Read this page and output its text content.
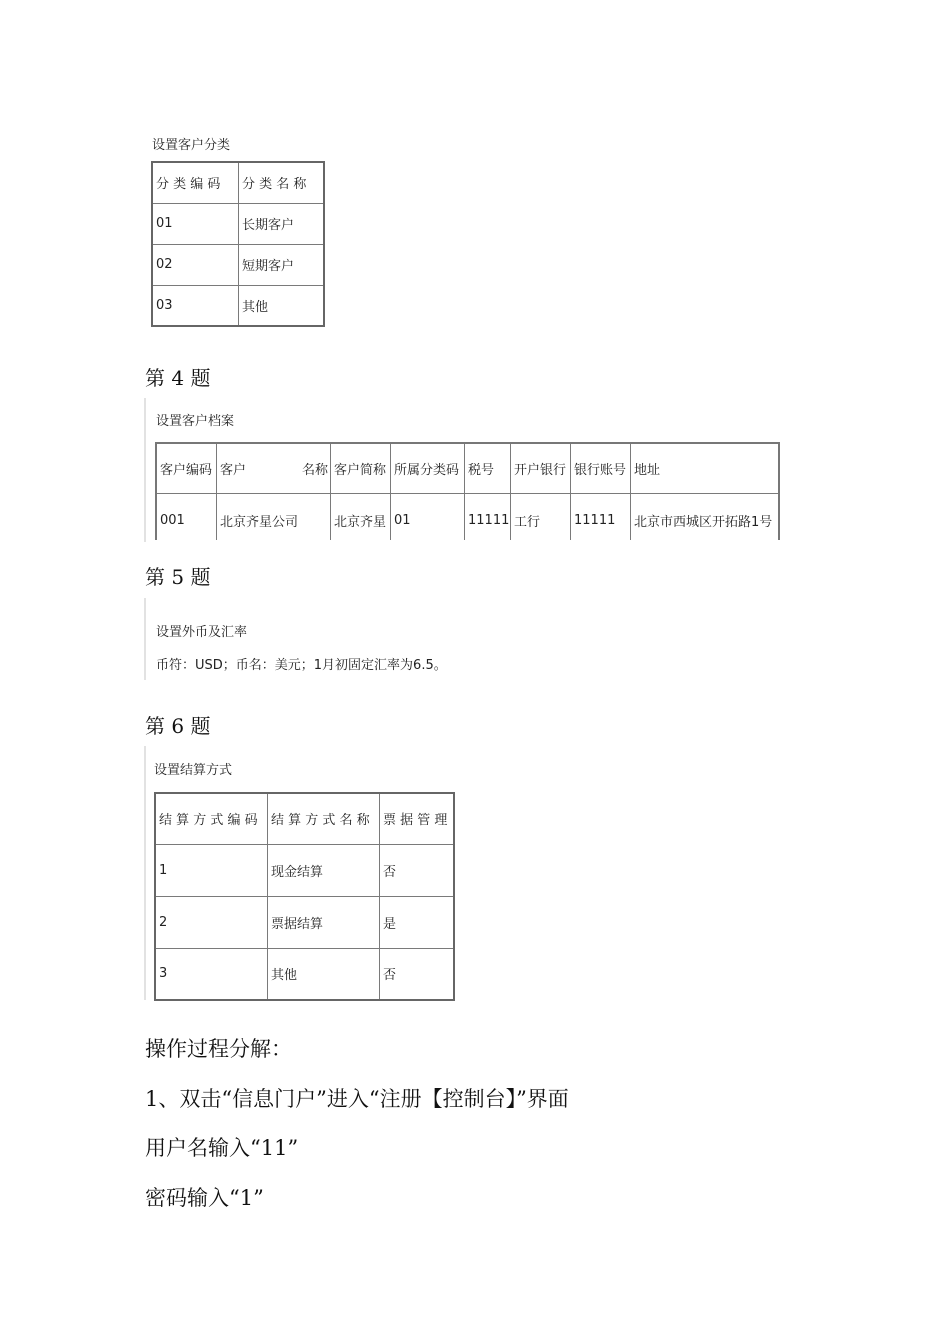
设置客户分类
分 类 编 码	分 类 名 称
01	长期客户
02	短期客户
03	其他
第 4 题
设置客户档案
客户编码	客户 名称	客户简称	所属分类码	税号	开户银行	银行账号	地址
001	北京齐星公司	北京齐星	01	11111	工行	11111	北京市西城区开拓路1号
第 5 题
设置外币及汇率
币符：USD；币名：美元；1月初固定汇率为6.5。
第 6 题
设置结算方式
结 算 方 式 编 码	结 算 方 式 名 称	票 据 管 理
1	现金结算	否
2	票据结算	是
3	其他	否
操作过程分解：
1、双击“信息门户”进入“注册【控制台】”界面
用户名输入“11”
密码输入“1”
